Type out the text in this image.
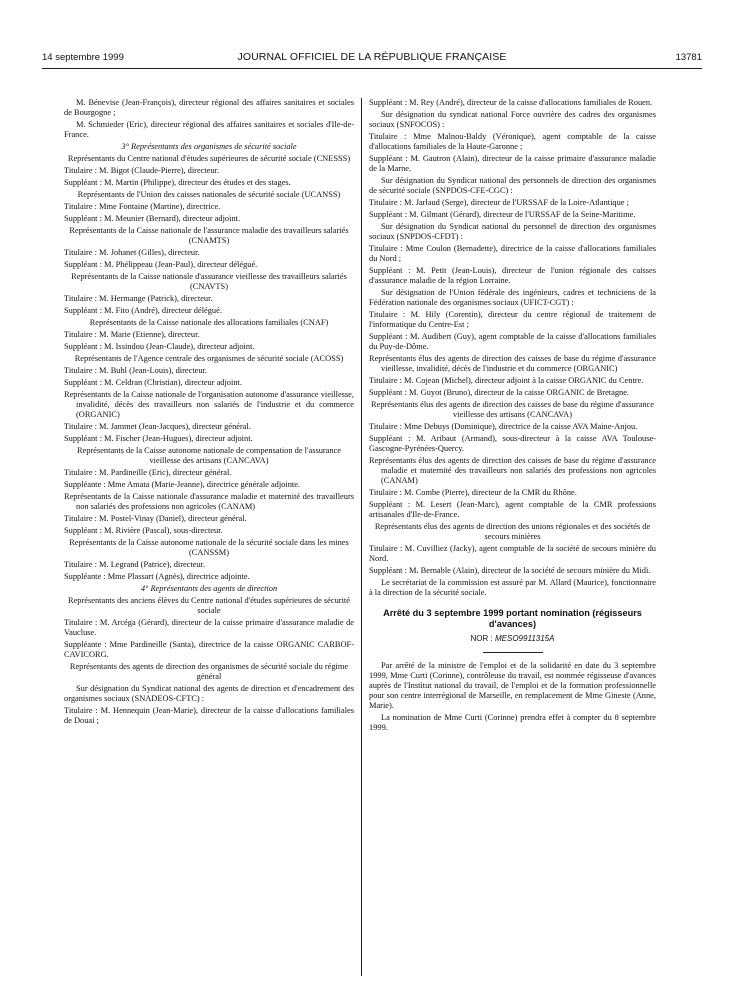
14 septembre 1999	JOURNAL OFFICIEL DE LA RÉPUBLIQUE FRANÇAISE	13781

M. Bénevise (Jean-François), directeur régional des affaires sanitaires et sociales de Bourgogne ;

M. Schmieder (Eric), directeur régional des affaires sanitaires et sociales d'Ile-de-France.

3° Représentants des organismes de sécurité sociale

Représentants du Centre national d'études supérieures de sécurité sociale (CNESSS)

Titulaire : M. Bigot (Claude-Pierre), directeur.

Suppléant : M. Martin (Philippe), directeur des études et des stages.

Représentants de l'Union des caisses nationales de sécurité sociale (UCANSS)

Titulaire : Mme Fontaine (Martine), directrice.

Suppléant : M. Meunier (Bernard), directeur adjoint.

Représentants de la Caisse nationale de l'assurance maladie des travailleurs salariés (CNAMTS)

Titulaire : M. Johanet (Gilles), directeur.

Suppléant : M. Phélippeau (Jean-Paul), directeur délégué.

Représentants de la Caisse nationale d'assurance vieillesse des travailleurs salariés (CNAVTS)

Titulaire : M. Hermange (Patrick), directeur.

Suppléant : M. Fito (André), directeur délégué.

Représentants de la Caisse nationale des allocations familiales (CNAF)

Titulaire : M. Marie (Etienne), directeur.

Suppléant : M. Issindou (Jean-Claude), directeur adjoint.

Représentants de l'Agence centrale des organismes de sécurité sociale (ACOSS)

Titulaire : M. Buhl (Jean-Louis), directeur.

Suppléant : M. Celdran (Christian), directeur adjoint.

Représentants de la Caisse nationale de l'organisation autonome d'assurance vieillesse, invalidité, décès des travailleurs non salariés de l'industrie et du commerce (ORGANIC)

Titulaire : M. Jammet (Jean-Jacques), directeur général.

Suppléant : M. Fischer (Jean-Hugues), directeur adjoint.

Représentants de la Caisse autonome nationale de compensation de l'assurance vieillesse des artisans (CANCAVA)

Titulaire : M. Pardineille (Eric), directeur général.

Suppléante : Mme Amata (Marie-Jeanne), directrice générale adjointe.

Représentants de la Caisse nationale d'assurance maladie et maternité des travailleurs non salariés des professions non agricoles (CANAM)

Titulaire : M. Postel-Vinay (Daniel), directeur général.

Suppléant : M. Rivière (Pascal), sous-directeur.

Représentants de la Caisse autonome nationale de la sécurité sociale dans les mines (CANSSM)

Titulaire : M. Legrand (Patrice), directeur.

Suppléante : Mme Plassart (Agnès), directrice adjointe.

4° Représentants des agents de direction

Représentants des anciens élèves du Centre national d'études supérieures de sécurité sociale

Titulaire : M. Arcéga (Gérard), directeur de la caisse primaire d'assurance maladie de Vaucluse.

Suppléante : Mme Pardineille (Santa), directrice de la caisse ORGANIC CARBOF-CAVICORG.

Représentants des agents de direction des organismes de sécurité sociale du régime général

Sur désignation du Syndicat national des agents de direction et d'encadrement des organismes sociaux (SNADEOS-CFTC) :

Titulaire : M. Hennequin (Jean-Marie), directeur de la caisse d'allocations familiales de Douai ;

Suppléant : M. Rey (André), directeur de la caisse d'allocations familiales de Rouen.

Sur désignation du syndicat national Force ouvrière des cadres des organismes sociaux (SNFOCOS) :

Titulaire : Mme Malnou-Baldy (Véronique), agent comptable de la caisse d'allocations familiales de la Haute-Garonne ;

Suppléant : M. Gautron (Alain), directeur de la caisse primaire d'assurance maladie de la Marne.

Sur désignation du Syndicat national des personnels de direction des organismes de sécurité sociale (SNPDOS-CFE-CGC) :

Titulaire : M. Jarlaud (Serge), directeur de l'URSSAF de la Loire-Atlantique ;

Suppléant : M. Gilmant (Gérard), directeur de l'URSSAF de la Seine-Maritime.

Sur désignation du Syndicat national du personnel de direction des organismes sociaux (SNPDOS-CFDT) :

Titulaire : Mme Coulon (Bernadette), directrice de la caisse d'allocations familiales du Nord ;

Suppléant : M. Petit (Jean-Louis), directeur de l'union régionale des caisses d'assurance maladie de la région Lorraine.

Sur désignation de l'Union fédérale des ingénieurs, cadres et techniciens de la Fédération nationale des organismes sociaux (UFICT-CGT) :

Titulaire : M. Hily (Corentin), directeur du centre régional de traitement de l'informatique du Centre-Est ;

Suppléant : M. Audibert (Guy), agent comptable de la caisse d'allocations familiales du Puy-de-Dôme.

Représentants élus des agents de direction des caisses de base du régime d'assurance vieillesse, invalidité, décès de l'industrie et du commerce (ORGANIC)

Titulaire : M. Cojean (Michel), directeur adjoint à la caisse ORGANIC du Centre.

Suppléant : M. Guyot (Bruno), directeur de la caisse ORGANIC de Bretagne.

Représentants élus des agents de direction des caisses de base du régime d'assurance vieillesse des artisans (CANCAVA)

Titulaire : Mme Debuys (Dominique), directrice de la caisse AVA Maine-Anjou.

Suppléant : M. Aribaut (Armand), sous-directeur à la caisse AVA Toulouse-Gascogne-Pyrénées-Quercy.

Représentants élus des agents de direction des caisses de base du régime d'assurance maladie et maternité des travailleurs non salariés des professions non agricoles (CANAM)

Titulaire : M. Combe (Pierre), directeur de la CMR du Rhône.

Suppléant : M. Lesert (Jean-Marc), agent comptable de la CMR professions artisanales d'Ile-de-France.

Représentants élus des agents de direction des unions régionales et des sociétés de secours minières

Titulaire : M. Cuvilliez (Jacky), agent comptable de la société de secours minière du Nord.

Suppléant : M. Bernable (Alain), directeur de la société de secours minière du Midi.

Le secrétariat de la commission est assuré par M. Allard (Maurice), fonctionnaire à la direction de la sécurité sociale.

Arrêté du 3 septembre 1999 portant nomination (régisseurs d'avances)
NOR : MESO9911315A

Par arrêté de la ministre de l'emploi et de la solidarité en date du 3 septembre 1999, Mme Curti (Corinne), contrôleuse du travail, est nommée régisseuse d'avances auprès de l'Institut national du travail, de l'emploi et de la formation professionnelle pour son centre interrégional de Marseille, en remplacement de Mme Gineste (Anne, Marie).

La nomination de Mme Curti (Corinne) prendra effet à compter du 8 septembre 1999.
